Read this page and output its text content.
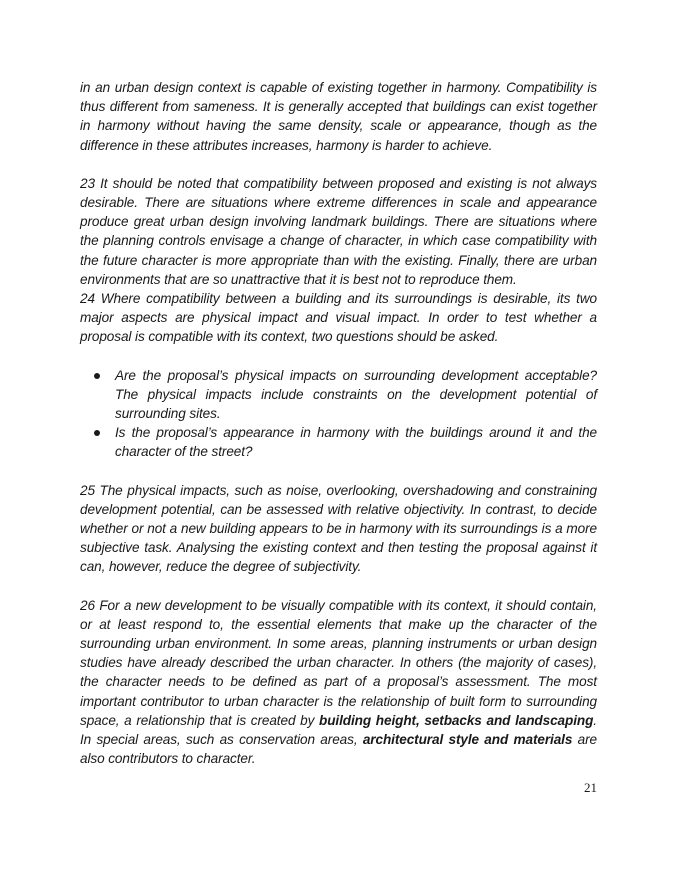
in an urban design context is capable of existing together in harmony. Compatibility is thus different from sameness. It is generally accepted that buildings can exist together in harmony without having the same density, scale or appearance, though as the difference in these attributes increases, harmony is harder to achieve.

23 It should be noted that compatibility between proposed and existing is not always desirable. There are situations where extreme differences in scale and appearance produce great urban design involving landmark buildings. There are situations where the planning controls envisage a change of character, in which case compatibility with the future character is more appropriate than with the existing. Finally, there are urban environments that are so unattractive that it is best not to reproduce them.

24 Where compatibility between a building and its surroundings is desirable, its two major aspects are physical impact and visual impact. In order to test whether a proposal is compatible with its context, two questions should be asked.

Are the proposal’s physical impacts on surrounding development acceptable? The physical impacts include constraints on the development potential of surrounding sites.
Is the proposal’s appearance in harmony with the buildings around it and the character of the street?

25 The physical impacts, such as noise, overlooking, overshadowing and constraining development potential, can be assessed with relative objectivity. In contrast, to decide whether or not a new building appears to be in harmony with its surroundings is a more subjective task. Analysing the existing context and then testing the proposal against it can, however, reduce the degree of subjectivity.

26 For a new development to be visually compatible with its context, it should contain, or at least respond to, the essential elements that make up the character of the surrounding urban environment. In some areas, planning instruments or urban design studies have already described the urban character. In others (the majority of cases), the character needs to be defined as part of a proposal’s assessment. The most important contributor to urban character is the relationship of built form to surrounding space, a relationship that is created by building height, setbacks and landscaping. In special areas, such as conservation areas, architectural style and materials are also contributors to character.

21
